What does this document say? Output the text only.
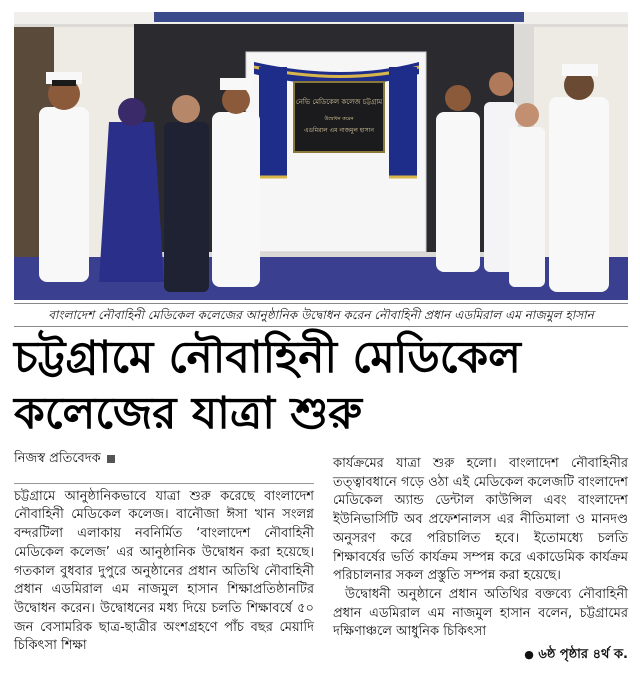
নেভি মেডিকেল কলেজ চট্টগ্রাম
উদ্বোধন করেন
এডমিরাল এম নাজমুল হাসান
বাংলাদেশ নৌবাহিনী মেডিকেল কলেজের আনুষ্ঠানিক উদ্বোধন করেন নৌবাহিনী প্রধান এডমিরাল এম নাজমুল হাসান
চট্টগ্রামে নৌবাহিনী মেডিকেল
কলেজের যাত্রা শুরু
নিজস্ব প্রতিবেদক
চট্টগ্রামে আনুষ্ঠানিকভাবে যাত্রা শুরু করেছে বাংলাদেশ নৌবাহিনী মেডিকেল কলেজ। বানৌজা ঈসা খান সংলগ্ন বন্দরটিলা এলাকায় নবনির্মিত ‘বাংলাদেশ নৌবাহিনী মেডিকেল কলেজ’ এর আনুষ্ঠানিক উদ্বোধন করা হয়েছে। গতকাল বুধবার দুপুরে অনুষ্ঠানের প্রধান অতিথি নৌবাহিনী প্রধান এডমিরাল এম নাজমুল হাসান শিক্ষাপ্রতিষ্ঠানটির উদ্বোধন করেন। উদ্বোধনের মধ্য দিয়ে চলতি শিক্ষাবর্ষে ৫০ জন বেসামরিক ছাত্র-ছাত্রীর অংশগ্রহণে পাঁচ বছর মেয়াদি চিকিৎসা শিক্ষা
কার্যক্রমের যাত্রা শুরু হলো। বাংলাদেশ নৌবাহিনীর তত্ত্বাবধানে গড়ে ওঠা এই মেডিকেল কলেজটি বাংলাদেশ মেডিকেল অ্যান্ড ডেন্টাল কাউন্সিল এবং বাংলাদেশ ইউনিভার্সিটি অব প্রফেশনালস এর নীতিমালা ও মানদণ্ড অনুসরণ করে পরিচালিত হবে। ইতোমধ্যে চলতি শিক্ষাবর্ষের ভর্তি কার্যক্রম সম্পন্ন করে একাডেমিক কার্যক্রম পরিচালনার সকল প্রস্তুতি সম্পন্ন করা হয়েছে।
উদ্বোধনী অনুষ্ঠানে প্রধান অতিথির বক্তব্যে নৌবাহিনী প্রধান এডমিরাল এম নাজমুল হাসান বলেন, চট্টগ্রামের দক্ষিণাঞ্চলে আধুনিক চিকিৎসা
● ৬ষ্ঠ পৃষ্ঠার ৪র্থ ক.
